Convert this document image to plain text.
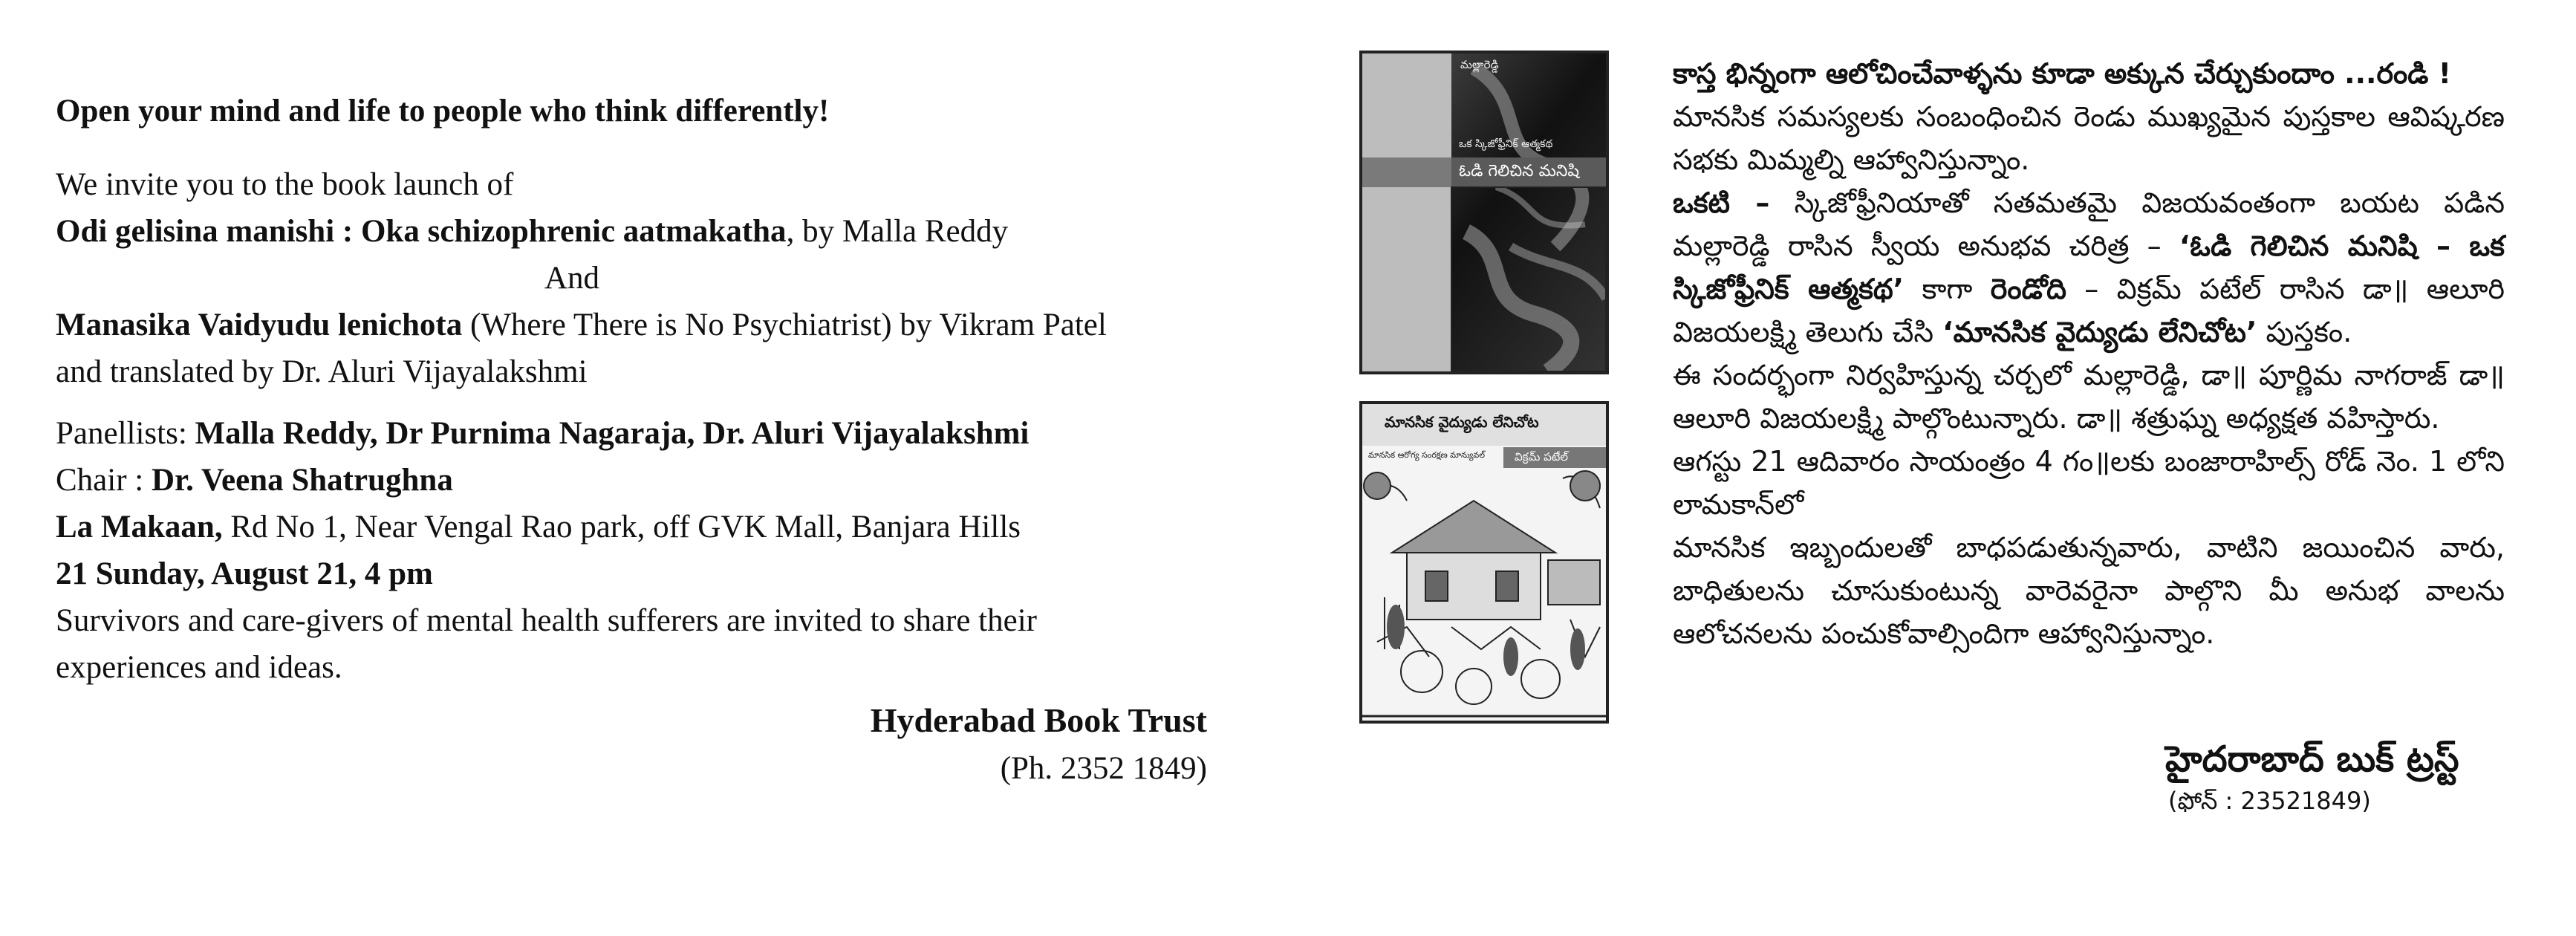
Open your mind and life to people who think differently!

We invite you to the book launch of

Odi gelisina manishi : Oka schizophrenic aatmakatha, by Malla Reddy

And

Manasika Vaidyudu lenichota (Where There is No Psychiatrist) by Vikram Patel

and translated by Dr. Aluri Vijayalakshmi

Panellists: Malla Reddy, Dr Purnima Nagaraja, Dr. Aluri Vijayalakshmi

Chair : Dr. Veena Shatrughna

La Makaan, Rd No 1, Near Vengal Rao park, off GVK Mall, Banjara Hills

21 Sunday, August 21, 4 pm

Survivors and care-givers of mental health sufferers are invited to share their

experiences and ideas.

Hyderabad Book Trust

(Ph. 2352 1849)

మల్లారెడ్డి
ఒక స్కిజోఫ్రీనిక్ ఆత్మకథ
ఓడి గెలిచిన మనిషి
మానసిక వైద్యుడు లేనిచోట
మానసిక ఆరోగ్య సంరక్షణ మాన్యువల్	విక్రమ్ పటేల్

కాస్త భిన్నంగా ఆలోచించేవాళ్ళను కూడా అక్కున చేర్చుకుందాం ...రండి !

మానసిక సమస్యలకు సంబంధించిన రెండు ముఖ్యమైన పుస్తకాల ఆవిష్కరణ సభకు మిమ్మల్ని ఆహ్వానిస్తున్నాం.

ఒకటి – స్కిజోఫ్రీనియాతో సతమతమై విజయవంతంగా బయట పడిన మల్లారెడ్డి రాసిన స్వీయ అనుభవ చరిత్ర – ‘ఓడి గెలిచిన మనిషి – ఒక స్కిజోఫ్రీనిక్ ఆత్మకథ’ కాగా రెండోది – విక్రమ్ పటేల్ రాసిన డా॥ ఆలూరి విజయలక్ష్మి తెలుగు చేసి ‘మానసిక వైద్యుడు లేనిచోట’ పుస్తకం.

ఈ సందర్భంగా నిర్వహిస్తున్న చర్చలో మల్లారెడ్డి, డా॥ పూర్ణిమ నాగరాజ్ డా॥ ఆలూరి విజయలక్ష్మి పాల్గొంటున్నారు. డా॥ శత్రుఘ్న అధ్యక్షత వహిస్తారు.

ఆగస్టు 21 ఆదివారం సాయంత్రం 4 గం॥లకు బంజారాహిల్స్ రోడ్ నెం. 1 లోని లామకాన్‌లో

మానసిక ఇబ్బందులతో బాధపడుతున్నవారు, వాటిని జయించిన వారు, బాధితులను చూసుకుంటున్న వారెవరైనా పాల్గొని మీ అనుభ వాలను ఆలోచనలను పంచుకోవాల్సిందిగా ఆహ్వానిస్తున్నాం.

హైదరాబాద్ బుక్ ట్రస్ట్
(ఫోన్ : 23521849)
